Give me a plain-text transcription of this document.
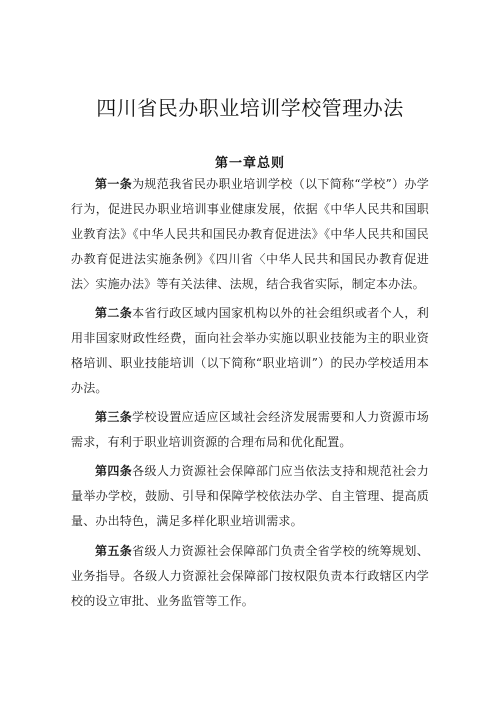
四川省民办职业培训学校管理办法
第一章总则

第一条为规范我省民办职业培训学校（以下简称“学校”）办学行为，促进民办职业培训事业健康发展，依据《中华人民共和国职业教育法》《中华人民共和国民办教育促进法》《中华人民共和国民办教育促进法实施条例》《四川省〈中华人民共和国民办教育促进法〉实施办法》等有关法律、法规，结合我省实际，制定本办法。

第二条本省行政区域内国家机构以外的社会组织或者个人，利用非国家财政性经费，面向社会举办实施以职业技能为主的职业资格培训、职业技能培训（以下简称“职业培训”）的民办学校适用本办法。

第三条学校设置应适应区域社会经济发展需要和人力资源市场需求，有利于职业培训资源的合理布局和优化配置。

第四条各级人力资源社会保障部门应当依法支持和规范社会力量举办学校，鼓励、引导和保障学校依法办学、自主管理、提高质量、办出特色，满足多样化职业培训需求。

第五条省级人力资源社会保障部门负责全省学校的统筹规划、业务指导。各级人力资源社会保障部门按权限负责本行政辖区内学校的设立审批、业务监管等工作。
